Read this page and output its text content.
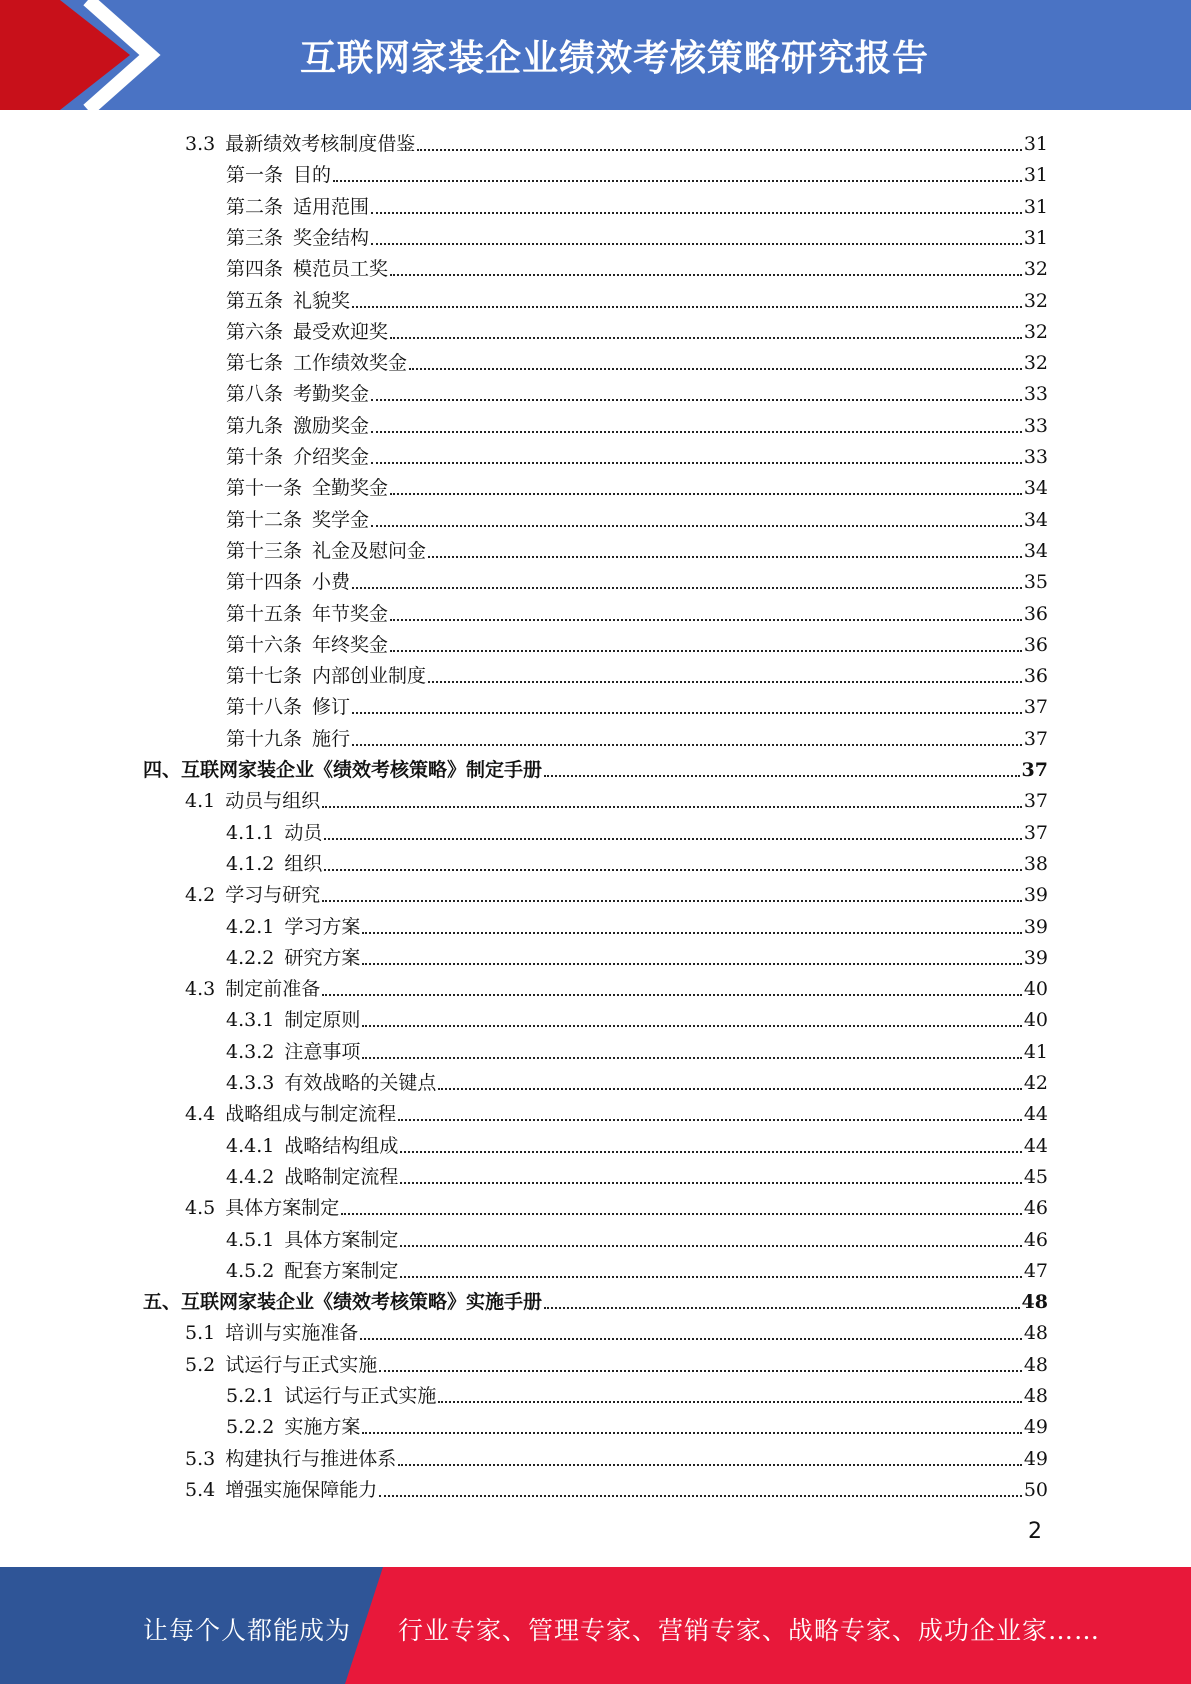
互联网家装企业绩效考核策略研究报告
3.3 最新绩效考核制度借鉴	31
第一条 目的	31
第二条 适用范围	31
第三条 奖金结构	31
第四条 模范员工奖	32
第五条 礼貌奖	32
第六条 最受欢迎奖	32
第七条 工作绩效奖金	32
第八条 考勤奖金	33
第九条 激励奖金	33
第十条 介绍奖金	33
第十一条 全勤奖金	34
第十二条 奖学金	34
第十三条 礼金及慰问金	34
第十四条 小费	35
第十五条 年节奖金	36
第十六条 年终奖金	36
第十七条 内部创业制度	36
第十八条 修订	37
第十九条 施行	37
四、互联网家装企业《绩效考核策略》制定手册	37
4.1 动员与组织	37
4.1.1 动员	37
4.1.2 组织	38
4.2 学习与研究	39
4.2.1 学习方案	39
4.2.2 研究方案	39
4.3 制定前准备	40
4.3.1 制定原则	40
4.3.2 注意事项	41
4.3.3 有效战略的关键点	42
4.4 战略组成与制定流程	44
4.4.1 战略结构组成	44
4.4.2 战略制定流程	45
4.5 具体方案制定	46
4.5.1 具体方案制定	46
4.5.2 配套方案制定	47
五、互联网家装企业《绩效考核策略》实施手册	48
5.1 培训与实施准备	48
5.2 试运行与正式实施	48
5.2.1 试运行与正式实施	48
5.2.2 实施方案	49
5.3 构建执行与推进体系	49
5.4 增强实施保障能力	50
2
让每个人都能成为 行业专家、管理专家、营销专家、战略专家、成功企业家……
